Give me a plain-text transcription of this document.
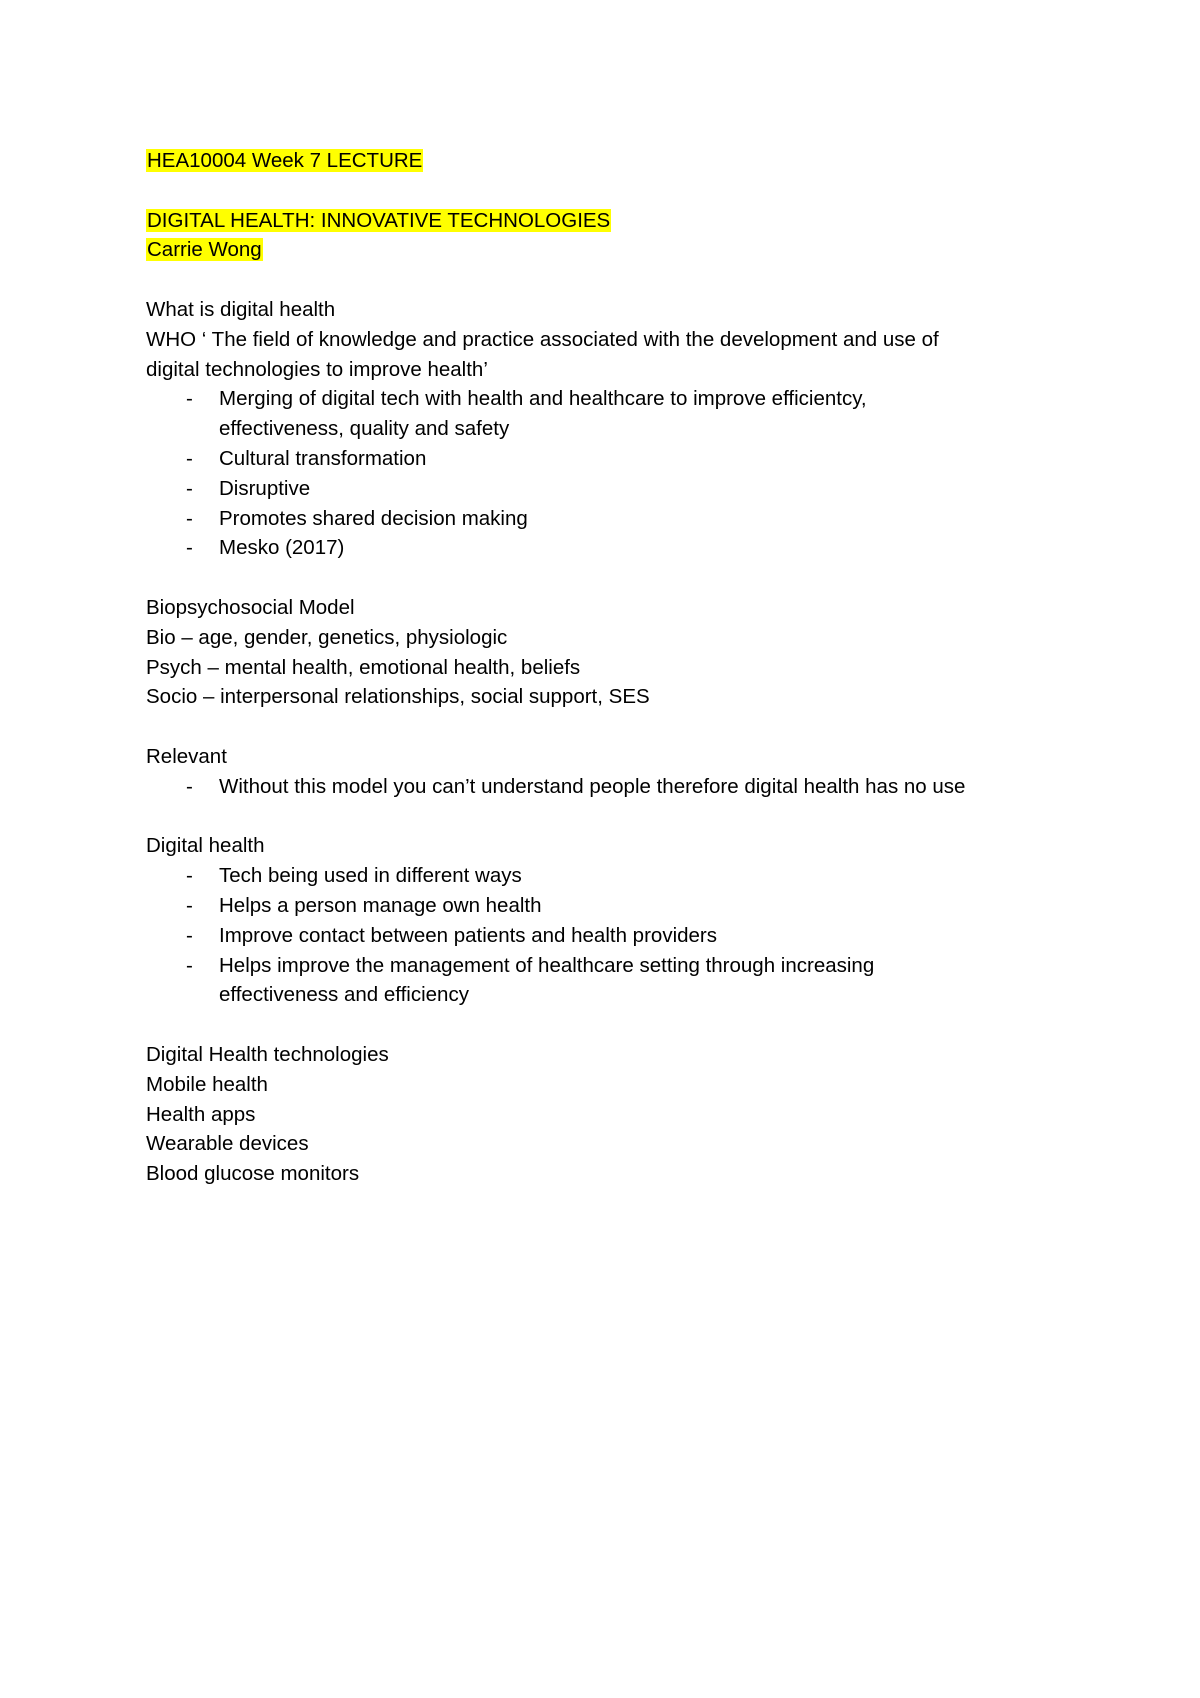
HEA10004 Week 7 LECTURE
DIGITAL HEALTH: INNOVATIVE TECHNOLOGIES
Carrie Wong
What is digital health
WHO ‘ The field of knowledge and practice associated with the development and use of
digital technologies to improve health’
- Merging of digital tech with health and healthcare to improve efficientcy, effectiveness, quality and safety
- Cultural transformation
- Disruptive
- Promotes shared decision making
- Mesko (2017)
Biopsychosocial Model
Bio – age, gender, genetics, physiologic
Psych – mental health, emotional health, beliefs
Socio – interpersonal relationships, social support, SES
Relevant
- Without this model you can’t understand people therefore digital health has no use
Digital health
- Tech being used in different ways
- Helps a person manage own health
- Improve contact between patients and health providers
- Helps improve the management of healthcare setting through increasing effectiveness and efficiency
Digital Health technologies
Mobile health
Health apps
Wearable devices
Blood glucose monitors
